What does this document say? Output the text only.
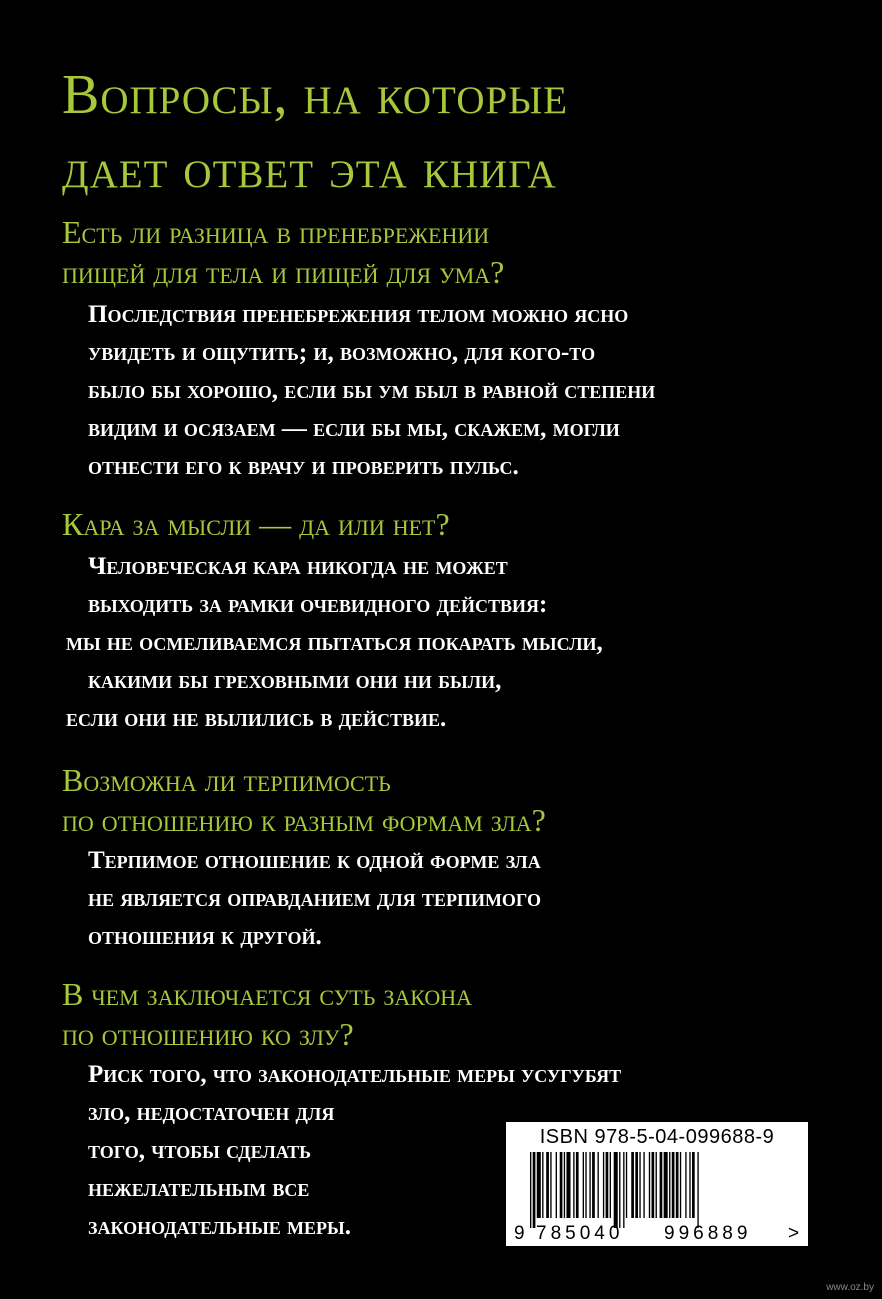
Вопросы, на которые
дает ответ эта книга
Есть ли разница в пренебрежении
пищей для тела и пищей для ума?
Последствия пренебрежения телом можно ясно
увидеть и ощутить; и, возможно, для кого-то
было бы хорошо, если бы ум был в равной степени
видим и осязаем — если бы мы, скажем, могли
отнести его к врачу и проверить пульс.
Кара за мысли — да или нет?
Человеческая кара никогда не может
выходить за рамки очевидного действия:
мы не осмеливаемся пытаться покарать мысли,
какими бы греховными они ни были,
если они не вылились в действие.
Возможна ли терпимость
по отношению к разным формам зла?
Терпимое отношение к одной форме зла
не является оправданием для терпимого
отношения к другой.
В чем заключается суть закона
по отношению ко злу?
Риск того, что законодательные меры усугубят
зло, недостаточен для
того, чтобы сделать
нежелательным все
законодательные меры.
ISBN 978-5-04-099688-9
9 785040 996889 >
www.oz.by
